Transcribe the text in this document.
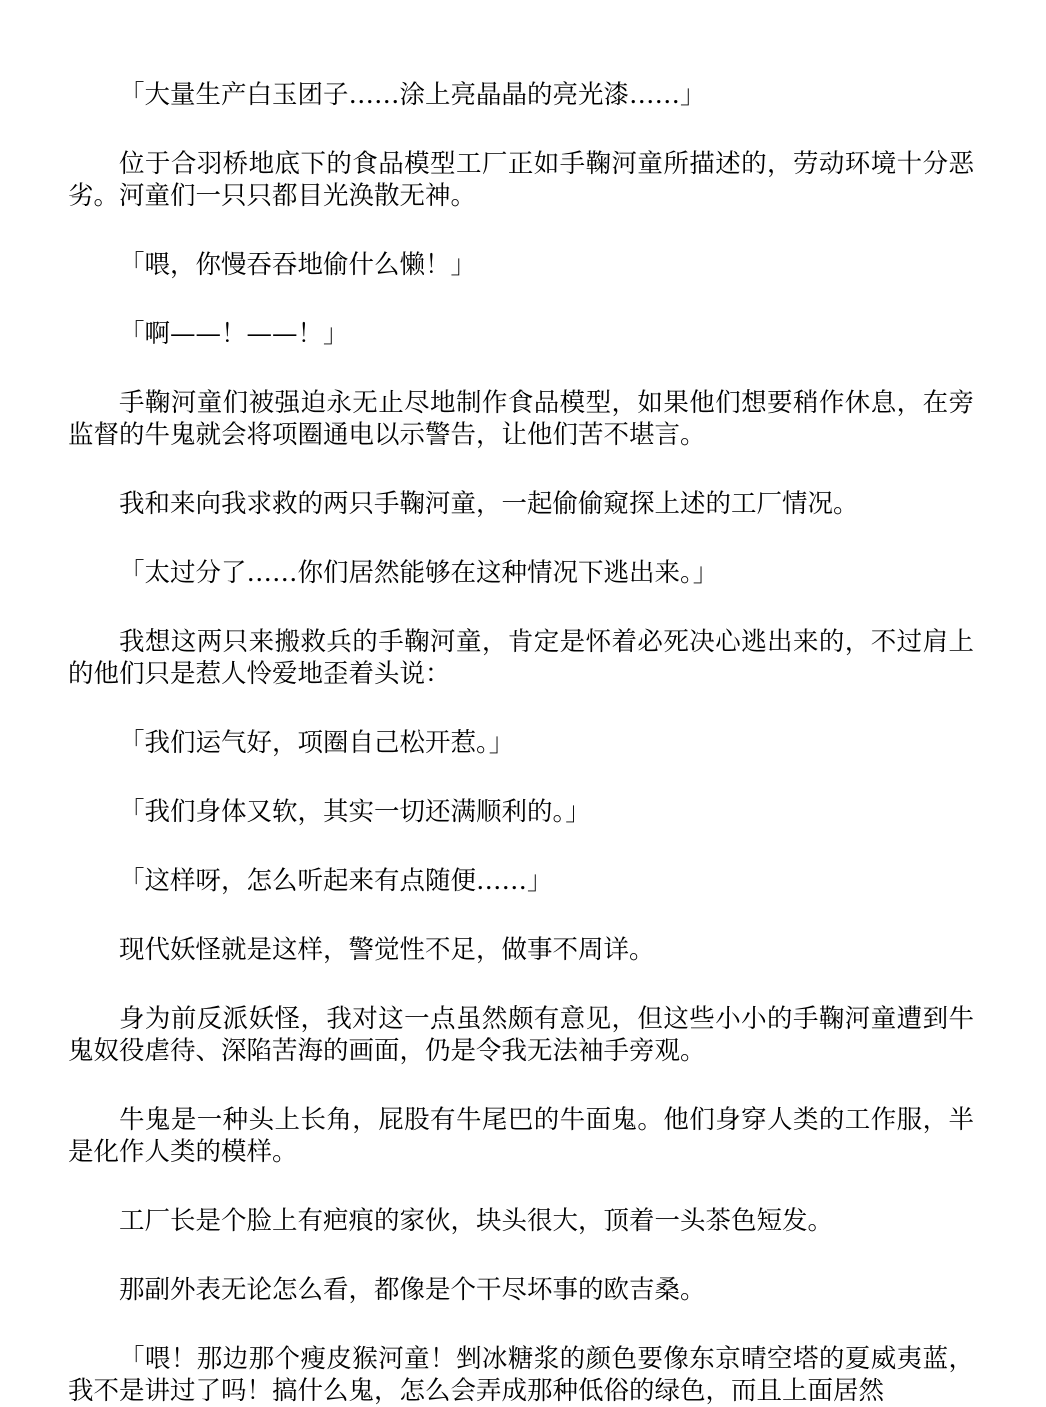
「大量生产白玉团子……涂上亮晶晶的亮光漆……」

位于合羽桥地底下的食品模型工厂正如手鞠河童所描述的，劳动环境十分恶劣。河童们一只只都目光涣散无神。

「喂，你慢吞吞地偷什么懒！」

「啊——！——！」

手鞠河童们被强迫永无止尽地制作食品模型，如果他们想要稍作休息，在旁监督的牛鬼就会将项圈通电以示警告，让他们苦不堪言。

我和来向我求救的两只手鞠河童，一起偷偷窥探上述的工厂情况。

「太过分了……你们居然能够在这种情况下逃出来。」

我想这两只来搬救兵的手鞠河童，肯定是怀着必死决心逃出来的，不过肩上的他们只是惹人怜爱地歪着头说：

「我们运气好，项圈自己松开惹。」

「我们身体又软，其实一切还满顺利的。」

「这样呀，怎么听起来有点随便……」

现代妖怪就是这样，警觉性不足，做事不周详。

身为前反派妖怪，我对这一点虽然颇有意见，但这些小小的手鞠河童遭到牛鬼奴役虐待、深陷苦海的画面，仍是令我无法袖手旁观。

牛鬼是一种头上长角，屁股有牛尾巴的牛面鬼。他们身穿人类的工作服，半是化作人类的模样。

工厂长是个脸上有疤痕的家伙，块头很大，顶着一头茶色短发。

那副外表无论怎么看，都像是个干尽坏事的欧吉桑。

「喂！那边那个瘦皮猴河童！剉冰糖浆的颜色要像东京晴空塔的夏威夷蓝，我不是讲过了吗！搞什么鬼，怎么会弄成那种低俗的绿色，而且上面居然
